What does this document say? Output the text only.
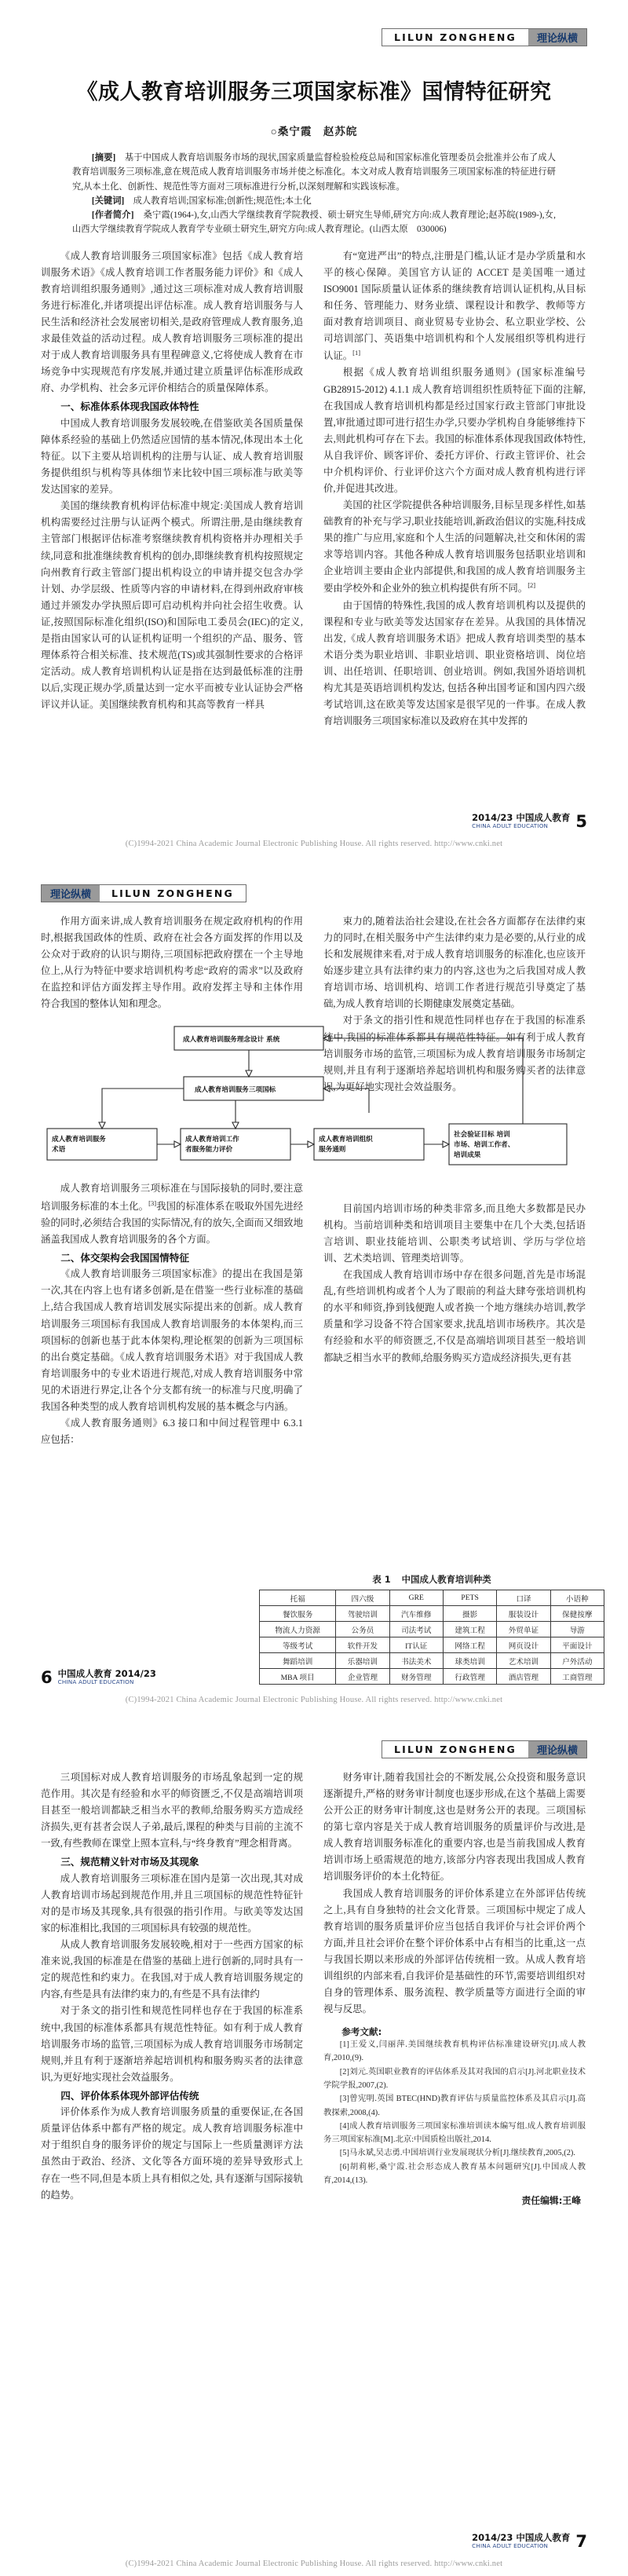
LILUN ZONGHENG	理论纵横
《成人教育培训服务三项国家标准》国情特征研究
○桑宁霞　赵苏皖

[摘要] 基于中国成人教育培训服务市场的现状,国家质量监督检验检疫总局和国家标准化管理委员会批准并公布了成人教育培训服务三项标准,意在规范成人教育培训服务市场并使之标准化。本文对成人教育培训服务三项国家标准的特征进行研究,从本土化、创新性、规范性等方面对三项标准进行分析,以深刻理解和实践该标准。

[关键词] 成人教育培训;国家标准;创新性;规范性;本土化

[作者简介] 桑宁霞(1964-),女,山西大学继续教育学院教授、硕士研究生导师,研究方向:成人教育理论;赵苏皖(1989-),女,山西大学继续教育学院成人教育学专业硕士研究生,研究方向:成人教育理论。(山西太原　030006)

《成人教育培训服务三项国家标准》包括《成人教育培训服务术语》《成人教育培训工作者服务能力评价》和《成人教育培训组织服务通则》,通过这三项标准对成人教育培训服务进行标准化,并诸项提出评估标准。成人教育培训服务与人民生活和经济社会发展密切相关,是政府管理成人教育服务,追求最佳效益的活动过程。成人教育培训服务三项标准的提出对于成人教育培训服务具有里程碑意义,它将使成人教育在市场竞争中实现规范有序发展,并通过建立质量评估标准形成政府、办学机构、社会多元评价相结合的质量保障体系。

一、标准体系体现我国政体特性

中国成人教育培训服务发展较晚,在借鉴欧美各国质量保障体系经验的基础上仍然适应国情的基本情况,体现出本土化特征。以下主要从培训机构的注册与认证、成人教育培训服务提供组织与机构等具体细节来比较中国三项标准与欧美等发达国家的差异。

美国的继续教育机构评估标准中规定:美国成人教育培训机构需要经过注册与认证两个模式。所谓注册,是由继续教育主管部门根据评估标准考察继续教育机构资格并办理相关手续,同意和批准继续教育机构的创办,即继续教育机构按照规定向州教育行政主管部门提出机构设立的申请并提交包含办学计划、办学层级、性质等内容的申请材料,在得到州政府审核通过并颁发办学执照后即可启动机构并向社会招生收费。认证,按照国际标准化组织(ISO)和国际电工委员会(IEC)的定义,是指由国家认可的认证机构证明一个组织的产品、服务、管理体系符合相关标准、技术规范(TS)或其强制性要求的合格评定活动。成人教育培训机构认证是指在达到最低标准的注册以后,实现正规办学,质量达到一定水平而被专业认证协会严格评议并认证。美国继续教育机构和其高等教育一样具

有“宽进严出”的特点,注册是门槛,认证才是办学质量和水平的核心保障。美国官方认证的 ACCET 是美国唯一通过 ISO9001 国际质量认证体系的继续教育培训认证机构,从目标和任务、管理能力、财务业绩、课程设计和教学、教师等方面对教育培训项目、商业贸易专业协会、私立职业学校、公司培训部门、英语集中培训机构和个人发展组织等机构进行认证。[1]

根据《成人教育培训组织服务通则》(国家标准编号 GB28915-2012) 4.1.1 成人教育培训组织性质特征下面的注解,在我国成人教育培训机构都是经过国家行政主管部门审批设置,审批通过即可进行招生办学,只要办学机构自身能够维持下去,则此机构可存在下去。我国的标准体系体现我国政体特性,从自我评价、顾客评价、委托方评价、行政主管评价、社会中介机构评价、行业评价这六个方面对成人教育机构进行评价,并促进其改进。

美国的社区学院提供各种培训服务,目标呈现多样性,如基础教育的补充与学习,职业技能培训,新政治倡议的实施,科技成果的推广与应用,家庭和个人生活的问题解决,社交和休闲的需求等培训内容。其他各种成人教育培训服务包括职业培训和企业培训主要由企业内部提供,和我国的成人教育培训服务主要由学校外和企业外的独立机构提供有所不同。[2]

由于国情的特殊性,我国的成人教育培训机构以及提供的课程和专业与欧美等发达国家存在差异。从我国的具体情况出发,《成人教育培训服务术语》把成人教育培训类型的基本术语分类为职业培训、非职业培训、职业资格培训、岗位培训、出任培训、任职培训、创业培训。例如,我国外语培训机构尤其是英语培训机构发达, 包括各种出国考证和国内四六级考试培训,这在欧美等发达国家是很罕见的一件事。在成人教育培训服务三项国家标准以及政府在其中发挥的

2014/23 中国成人教育
CHINA ADULT EDUCATION	5
(C)1994-2021 China Academic Journal Electronic Publishing House. All rights reserved. http://www.cnki.net
理论纵横	LILUN ZONGHENG

作用方面来讲,成人教育培训服务在规定政府机构的作用时,根据我国政体的性质、政府在社会各方面发挥的作用以及公众对于政府的认识与期待,三项国标把政府摆在一个主导地位上,从行为特征中要求培训机构考虑“政府的需求”以及政府在监控和评估方面发挥主导作用。政府发挥主导和主体作用符合我国的整体认知和理念。

成人教育培训服务理念设计 系统
成人教育培训服务三项国标
成人教育培训服务
术语
成人教育培训工作
者服务能力评价
成人教育培训组织
服务通则
社会验证目标 培训
市场、培训工作者、
培训成果

成人教育培训服务三项标准在与国际接轨的同时,要注意培训服务标准的本土化。[3]我国的标准体系在吸取外国先进经验的同时,必须结合我国的实际情况,有的放矢,全面而又细致地涵盖我国成人教育培训服务的各个方面。

二、体交架构会我国国情特征

《成人教育培训服务三项国家标准》的提出在我国是第一次,其在内容上也有诸多创新,是在借鉴一些行业标准的基础上,结合我国成人教育培训发展实际提出来的创新。成人教育培训服务三项国标有我国成人教育培训服务的本体架构,而三项国标的创新也基于此本体架构,理论框架的创新为三项国标的出台奠定基础。《成人教育培训服务术语》对于我国成人教育培训服务中的专业术语进行规范,对成人教育培训服务中常见的术语进行界定,让各个分支都有统一的标准与尺度,明确了我国各种类型的成人教育培训机构发展的基本概念与内涵。

《成人教育服务通则》6.3 接口和中间过程管理中 6.3.1 应包括：

束力的,随着法治社会建设,在社会各方面都存在法律约束力的同时,在相关服务中产生法律约束力是必要的,从行业的成长和发展规律来看,对于成人教育培训服务的标准化,也应该开始逐步建立具有法律约束力的内容,这也为之后我国对成人教育培训市场、培训机构、培训工作者进行规范引导奠定了基础,为成人教育培训的长期健康发展奠定基础。

对于条文的指引性和规范性同样也存在于我国的标准系统中,我国的标准体系都具有规范性特征。如有利于成人教育培训服务市场的监管,三项国标为成人教育培训服务市场制定规则,并且有利于逐渐培养起培训机构和服务购买者的法律意识,为更好地实现社会效益服务。

目前国内培训市场的种类非常多,而且绝大多数都是民办机构。当前培训种类和培训项目主要集中在几个大类,包括语言培训、职业技能培训、公职类考试培训、学历与学位培训、艺术类培训、管理类培训等。

在我国成人教育培训市场中存在很多问题,首先是市场混乱,有些培训机构或者个人为了眼前的利益大肆夸张培训机构的水平和师资,挣到钱便跑人或者换一个地方继续办培训,教学质量和学习设备不符合国家要求,扰乱培训市场秩序。其次是有经验和水平的师资匮乏,不仅是高端培训项目甚至一般培训都缺乏相当水平的教师,给服务购买方造成经济损失,更有甚

表 1 中国成人教育培训种类
托福	四六级	GRE	PETS	口译	小语种
餐饮服务	驾驶培训	汽车维修	摄影	服装设计	保健按摩
物流人力资源	公务员	司法考试	建筑工程	外贸单证	导游
等级考试	软件开发	IT认证	网络工程	网页设计	平面设计
舞蹈培训	乐器培训	书法美术	球类培训	艺术培训	户外活动
MBA 项目	企业管理	财务管理	行政管理	酒店管理	工商管理
6 中国成人教育 2014/23
CHINA ADULT EDUCATION
(C)1994-2021 China Academic Journal Electronic Publishing House. All rights reserved. http://www.cnki.net
LILUN ZONGHENG	理论纵横

三项国标对成人教育培训服务的市场乱象起到一定的规范作用。其次是有经验和水平的师资匮乏,不仅是高端培训项目甚至一般培训都缺乏相当水平的教师,给服务购买方造成经济损失,更有甚者会误人子弟,最后,课程的种类与目前的主流不一致,有些教师在课堂上照本宣科,与“终身教育”理念相背离。

三、规范精义针对市场及其现象

成人教育培训服务三项标准在国内是第一次出现,其对成人教育培训市场起到规范作用,并且三项国标的规范性特征针对的是市场及其现象,具有很强的指引作用。与欧美等发达国家的标准相比,我国的三项国标具有较强的规范性。

从成人教育培训服务发展较晚,相对于一些西方国家的标准来说,我国的标准是在借鉴的基础上进行创新的,同时具有一定的规范性和约束力。在我国,对于成人教育培训服务规定的内容,有些是具有法律约束力的,有些是不具有法律约

对于条文的指引性和规范性同样也存在于我国的标准系统中,我国的标准体系都具有规范性特征。如有利于成人教育培训服务市场的监管,三项国标为成人教育培训服务市场制定规则,并且有利于逐渐培养起培训机构和服务购买者的法律意识,为更好地实现社会效益服务。

四、评价体系体现外部评估传统

评价体系作为成人教育培训服务质量的重要保证,在各国质量评估体系中都有严格的规定。成人教育培训服务标准中对于组织自身的服务评价的规定与国际上一些质量测评方法虽然由于政治、经济、文化等各方面环境的差异导致形式上存在一些不同,但是本质上具有相似之处, 具有逐渐与国际接轨的趋势。

财务审计,随着我国社会的不断发展,公众投资和服务意识逐渐提升,严格的财务审计制度也逐步形成,在这个基础上需要公开公正的财务审计制度,这也是财务公开的表现。三项国标的第七章内容是关于成人教育培训服务的质量评价与改进,是成人教育培训服务标准化的重要内容,也是当前我国成人教育培训市场上亟需规范的地方,该部分内容表现出我国成人教育培训服务评价的本土化特征。

我国成人教育培训服务的评价体系建立在外部评估传统之上,具有自身独特的社会文化背景。三项国标中规定了成人教育培训的服务质量评价应当包括自我评价与社会评价两个方面,并且社会评价在整个评价体系中占有相当的比重,这一点与我国长期以来形成的外部评估传统相一致。从成人教育培训组织的内部来看,自我评价是基础性的环节,需要培训组织对自身的管理体系、服务流程、教学质量等方面进行全面的审视与反思。

参考文献:

[1]王爱义,闫丽萍.美国继续教育机构评估标准建设研究[J].成人教育,2010,(9).

[2]刘元.英国职业教育的评估体系及其对我国的启示[J].河北职业技术学院学报,2007,(2).

[3]曾宪明.英国 BTEC(HND)教育评估与质量监控体系及其启示[J].高教探索,2008,(4).

[4]成人教育培训服务三项国家标准培训读本编写组.成人教育培训服务三项国家标准[M].北京:中国质检出版社,2014.

[5]马永斌,吴志勇.中国培训行业发展现状分析[J].继续教育,2005,(2).

[6]胡莉彬,桑宁霞.社会形态成人教育基本问题研究[J].中国成人教育,2014,(13).

责任编辑:王峰
2014/23 中国成人教育
CHINA ADULT EDUCATION	7
(C)1994-2021 China Academic Journal Electronic Publishing House. All rights reserved. http://www.cnki.net
